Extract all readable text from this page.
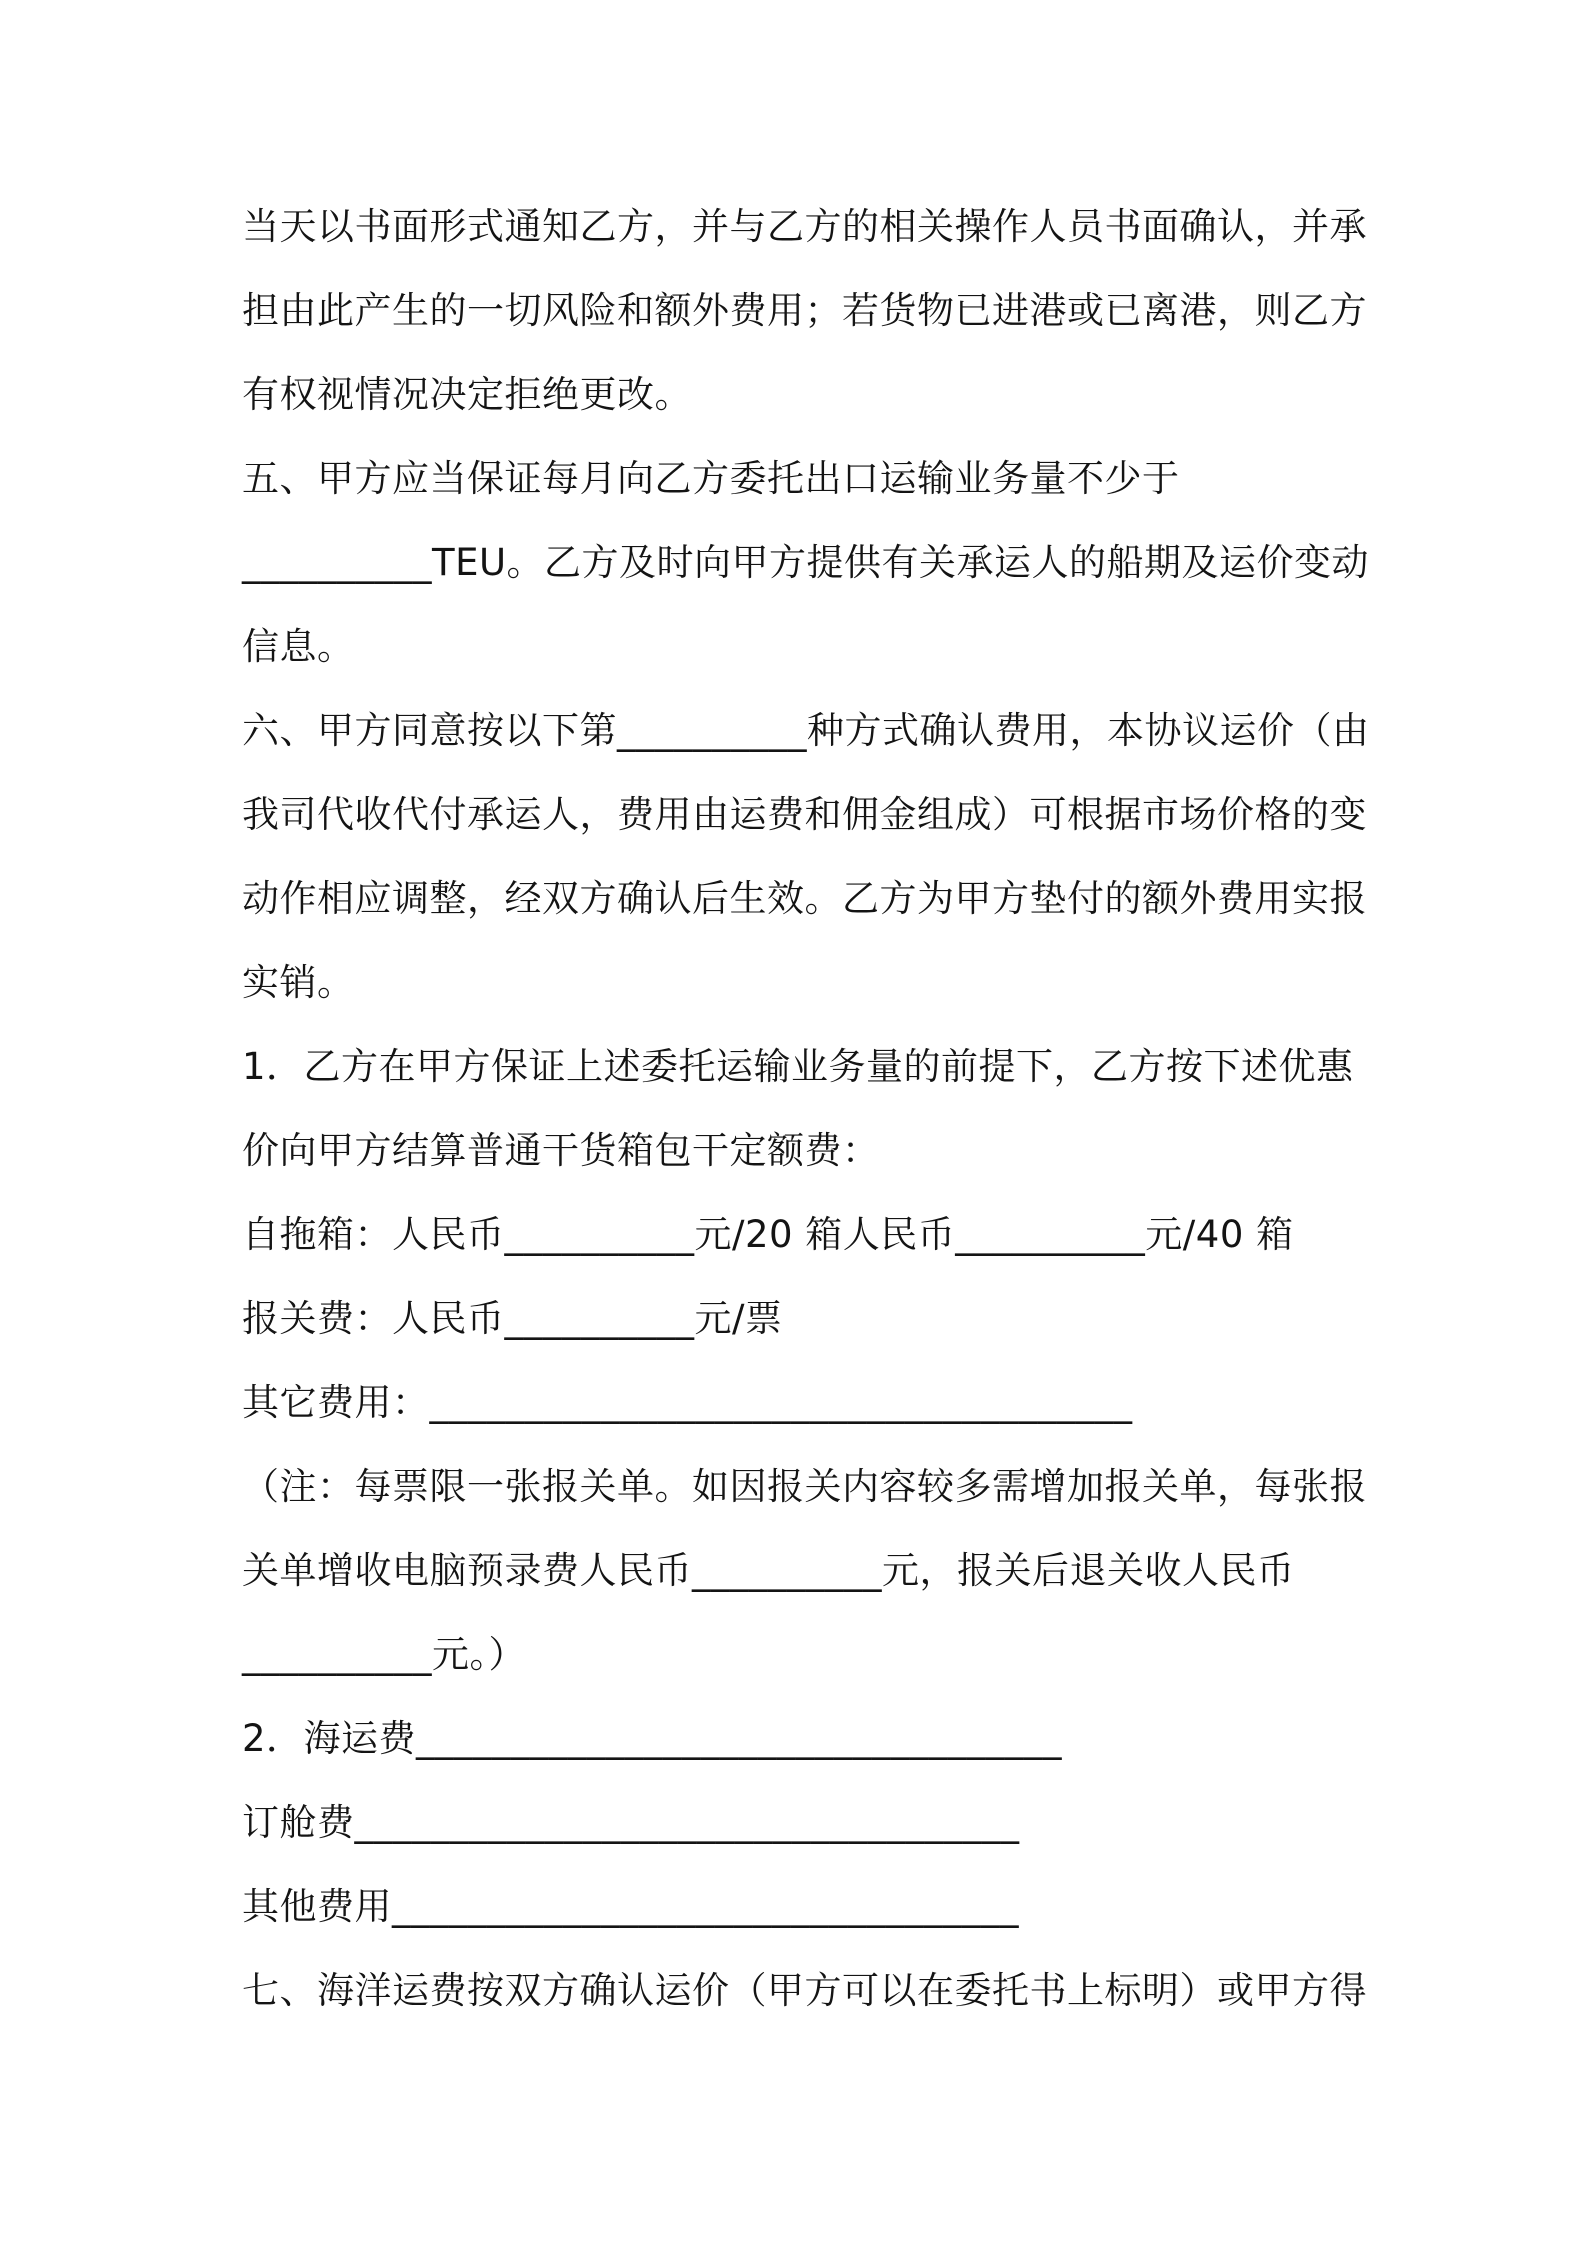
当天以书面形式通知乙方，并与乙方的相关操作人员书面确认，并承
担由此产生的一切风险和额外费用；若货物已进港或已离港，则乙方
有权视情况决定拒绝更改。
五、甲方应当保证每月向乙方委托出口运输业务量不少于
__________TEU。乙方及时向甲方提供有关承运人的船期及运价变动
信息。
六、甲方同意按以下第__________种方式确认费用，本协议运价（由
我司代收代付承运人，费用由运费和佣金组成）可根据市场价格的变
动作相应调整，经双方确认后生效。乙方为甲方垫付的额外费用实报
实销。
1．乙方在甲方保证上述委托运输业务量的前提下，乙方按下述优惠
价向甲方结算普通干货箱包干定额费：
自拖箱：人民币__________元/20 箱人民币__________元/40 箱
报关费：人民币__________元/票
其它费用：_____________________________________
（注：每票限一张报关单。如因报关内容较多需增加报关单，每张报
关单增收电脑预录费人民币__________元，报关后退关收人民币
__________元。）
2．海运费__________________________________
订舱费___________________________________
其他费用_________________________________
七、海洋运费按双方确认运价（甲方可以在委托书上标明）或甲方得
